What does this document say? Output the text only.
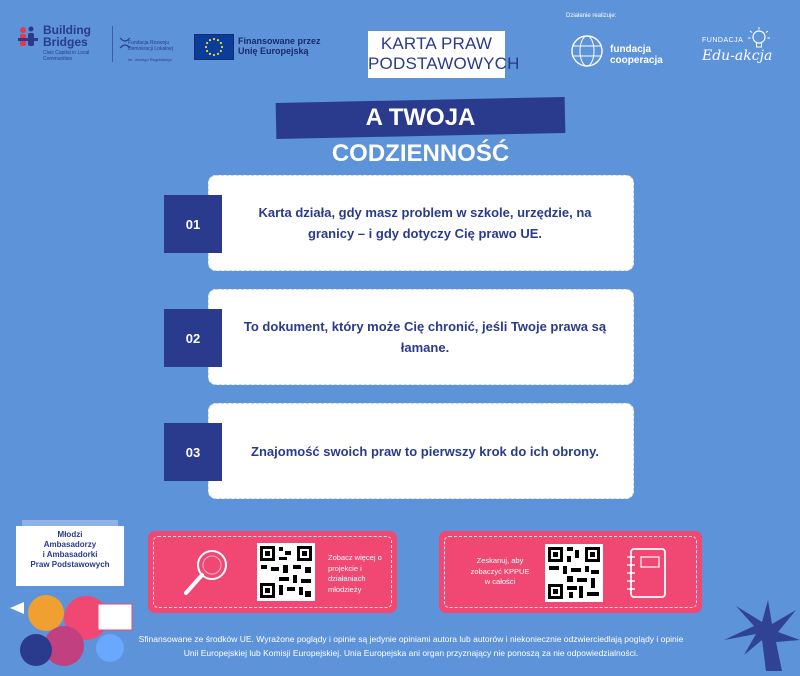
Building
Bridges
Civic Capital in Local Communities
Fundacja Rozwoju Demokracji Lokalnej
im. Jerzego Regulskiego
Finansowane przez
Unię Europejską	KARTA PRAW
PODSTAWOWYCH
A TWOJA CODZIENNOŚĆ
Działanie realizuje:
fundacja
cooperacja
FUNDACJA
Edu-akcja
Karta działa, gdy masz problem w szkole, urzędzie, na granicy – i gdy dotyczy Cię prawo UE.
01
To dokument, który może Cię chronić, jeśli Twoje prawa są łamane.
02
Znajomość swoich praw to pierwszy krok do ich obrony.
03
Młodzi
Ambasadorzy
i Ambasadorki
Praw Podstawowych
Zobacz więcej o projekcie i działaniach młodzieży
Zeskanuj, aby zobaczyć KPPUE w całości
Sfinansowane ze środków UE. Wyrażone poglądy i opinie są jedynie opiniami autora lub autorów i niekoniecznie odzwierciedlają poglądy i opinie
Unii Europejskiej lub Komisji Europejskiej. Unia Europejska ani organ przyznający nie ponoszą za nie odpowiedzialności.
